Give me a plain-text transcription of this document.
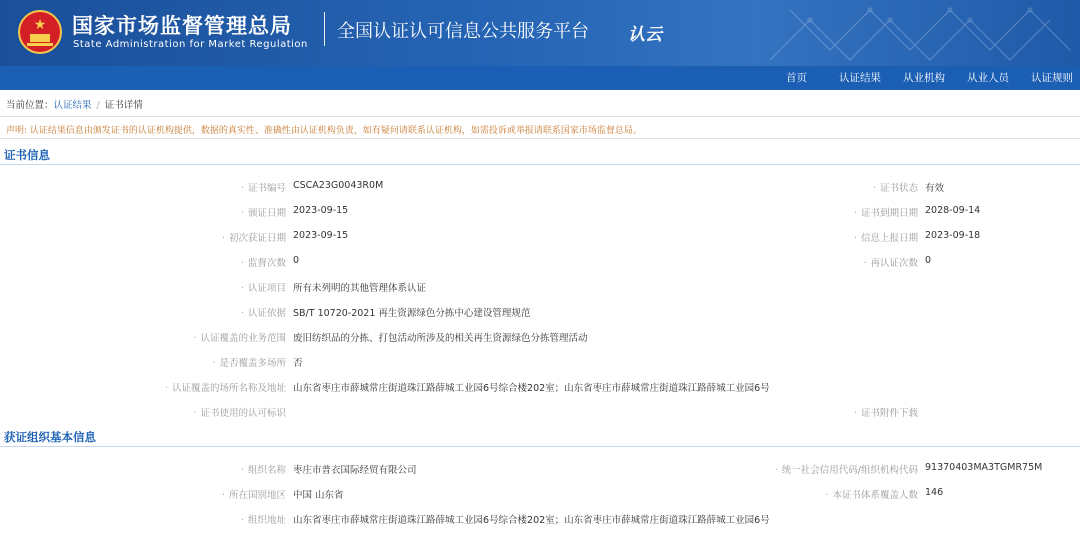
★	国家市场监督管理总局
State Administration for Market Regulation
全国认证认可信息公共服务平台 认云
首页	认证结果 从业机构 从业人员 认证规则
当前位置：认证结果 / 证书详情
声明: 认证结果信息由颁发证书的认证机构提供，数据的真实性、准确性由认证机构负责，如有疑问请联系认证机构，如需投诉或举报请联系国家市场监督总局。
证书信息
· 证书编号 CSCA23G0043R0M	· 证书状态 有效
· 颁证日期 2023-09-15	· 证书到期日期 2028-09-14
· 初次获证日期 2023-09-15	· 信息上报日期 2023-09-18
· 监督次数 0	· 再认证次数 0
· 认证项目 所有未列明的其他管理体系认证
· 认证依据 SB/T 10720-2021 再生资源绿色分拣中心建设管理规范
· 认证覆盖的业务范围 废旧纺织品的分拣、打包活动所涉及的相关再生资源绿色分拣管理活动
· 是否覆盖多场所 否
· 认证覆盖的场所名称及地址 山东省枣庄市薛城常庄街道珠江路薛城工业园6号综合楼202室；山东省枣庄市薛城常庄街道珠江路薛城工业园6号
· 证书使用的认可标识	· 证书附件下载
获证组织基本信息
· 组织名称 枣庄市普衣国际经贸有限公司	· 统一社会信用代码/组织机构代码 91370403MA3TGMR75M
· 所在国别地区 中国 山东省	· 本证书体系覆盖人数 146
· 组织地址 山东省枣庄市薛城常庄街道珠江路薛城工业园6号综合楼202室；山东省枣庄市薛城常庄街道珠江路薛城工业园6号
